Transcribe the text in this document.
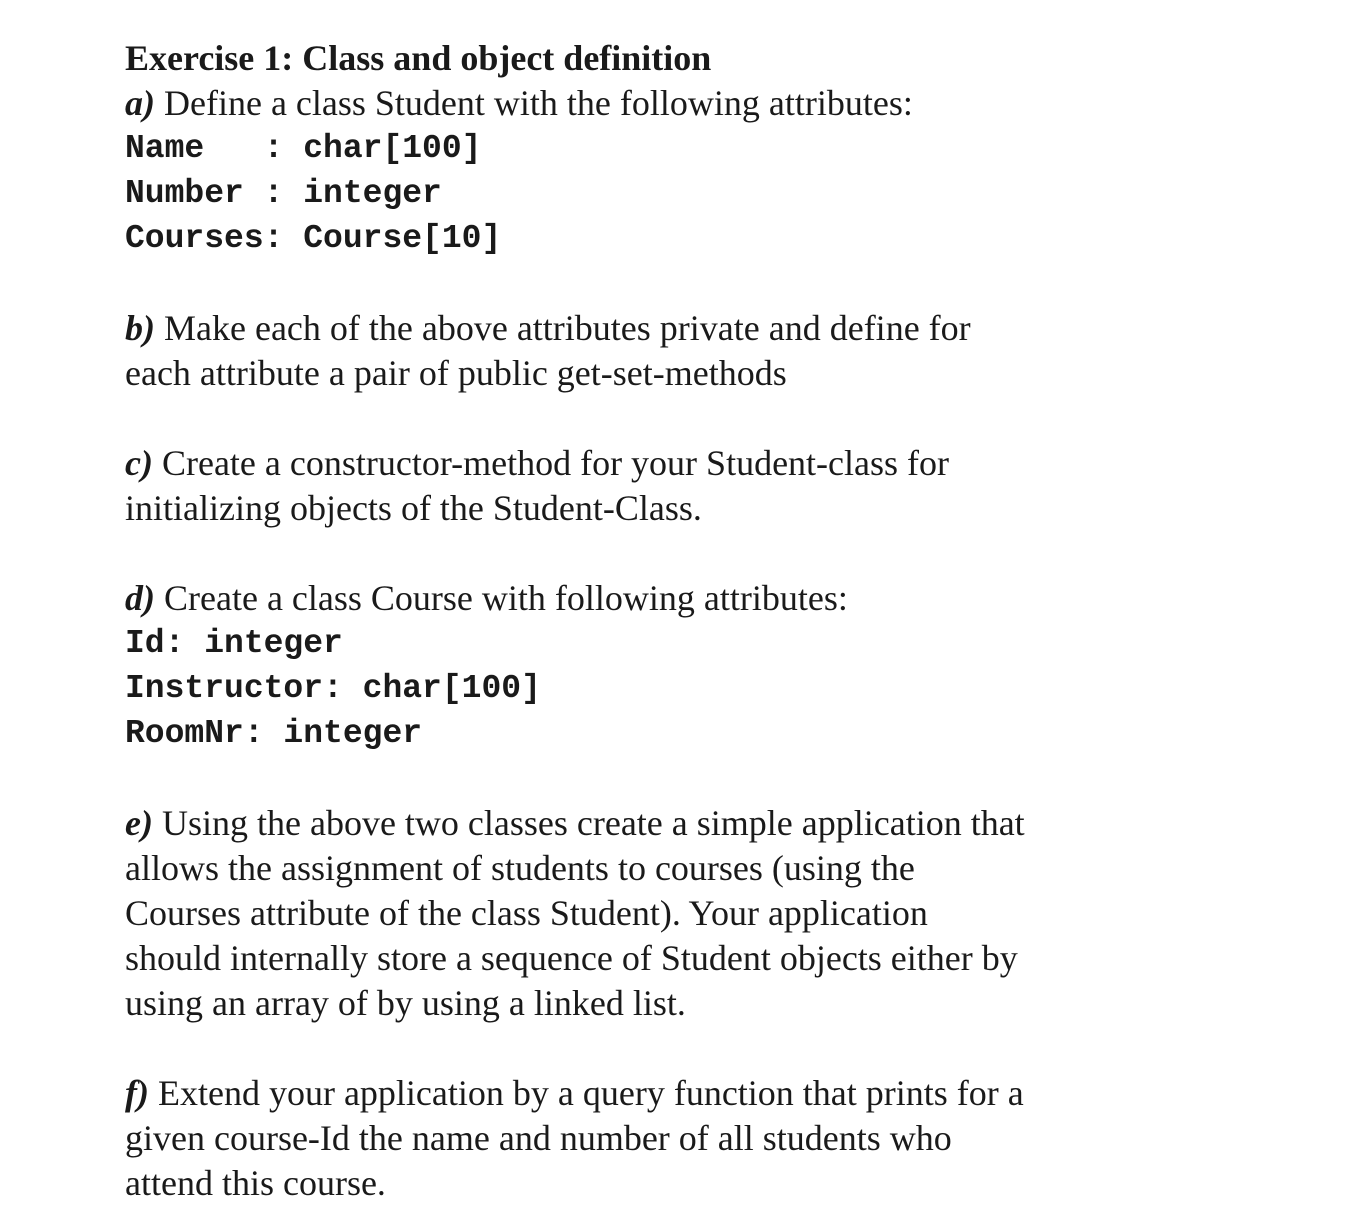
Exercise 1: Class and object definition
a) Define a class Student with the following attributes:
Name   : char[100]
Number : integer
Courses: Course[10]
b) Make each of the above attributes private and define for
each attribute a pair of public get-set-methods
c) Create a constructor-method for your Student-class for
initializing objects of the Student-Class.
d) Create a class Course with following attributes:
Id: integer
Instructor: char[100]
RoomNr: integer
e) Using the above two classes create a simple application that
allows the assignment of students to courses (using the
Courses attribute of the class Student). Your application
should internally store a sequence of Student objects either by
using an array of by using a linked list.
f) Extend your application by a query function that prints for a
given course-Id the name and number of all students who
attend this course.
